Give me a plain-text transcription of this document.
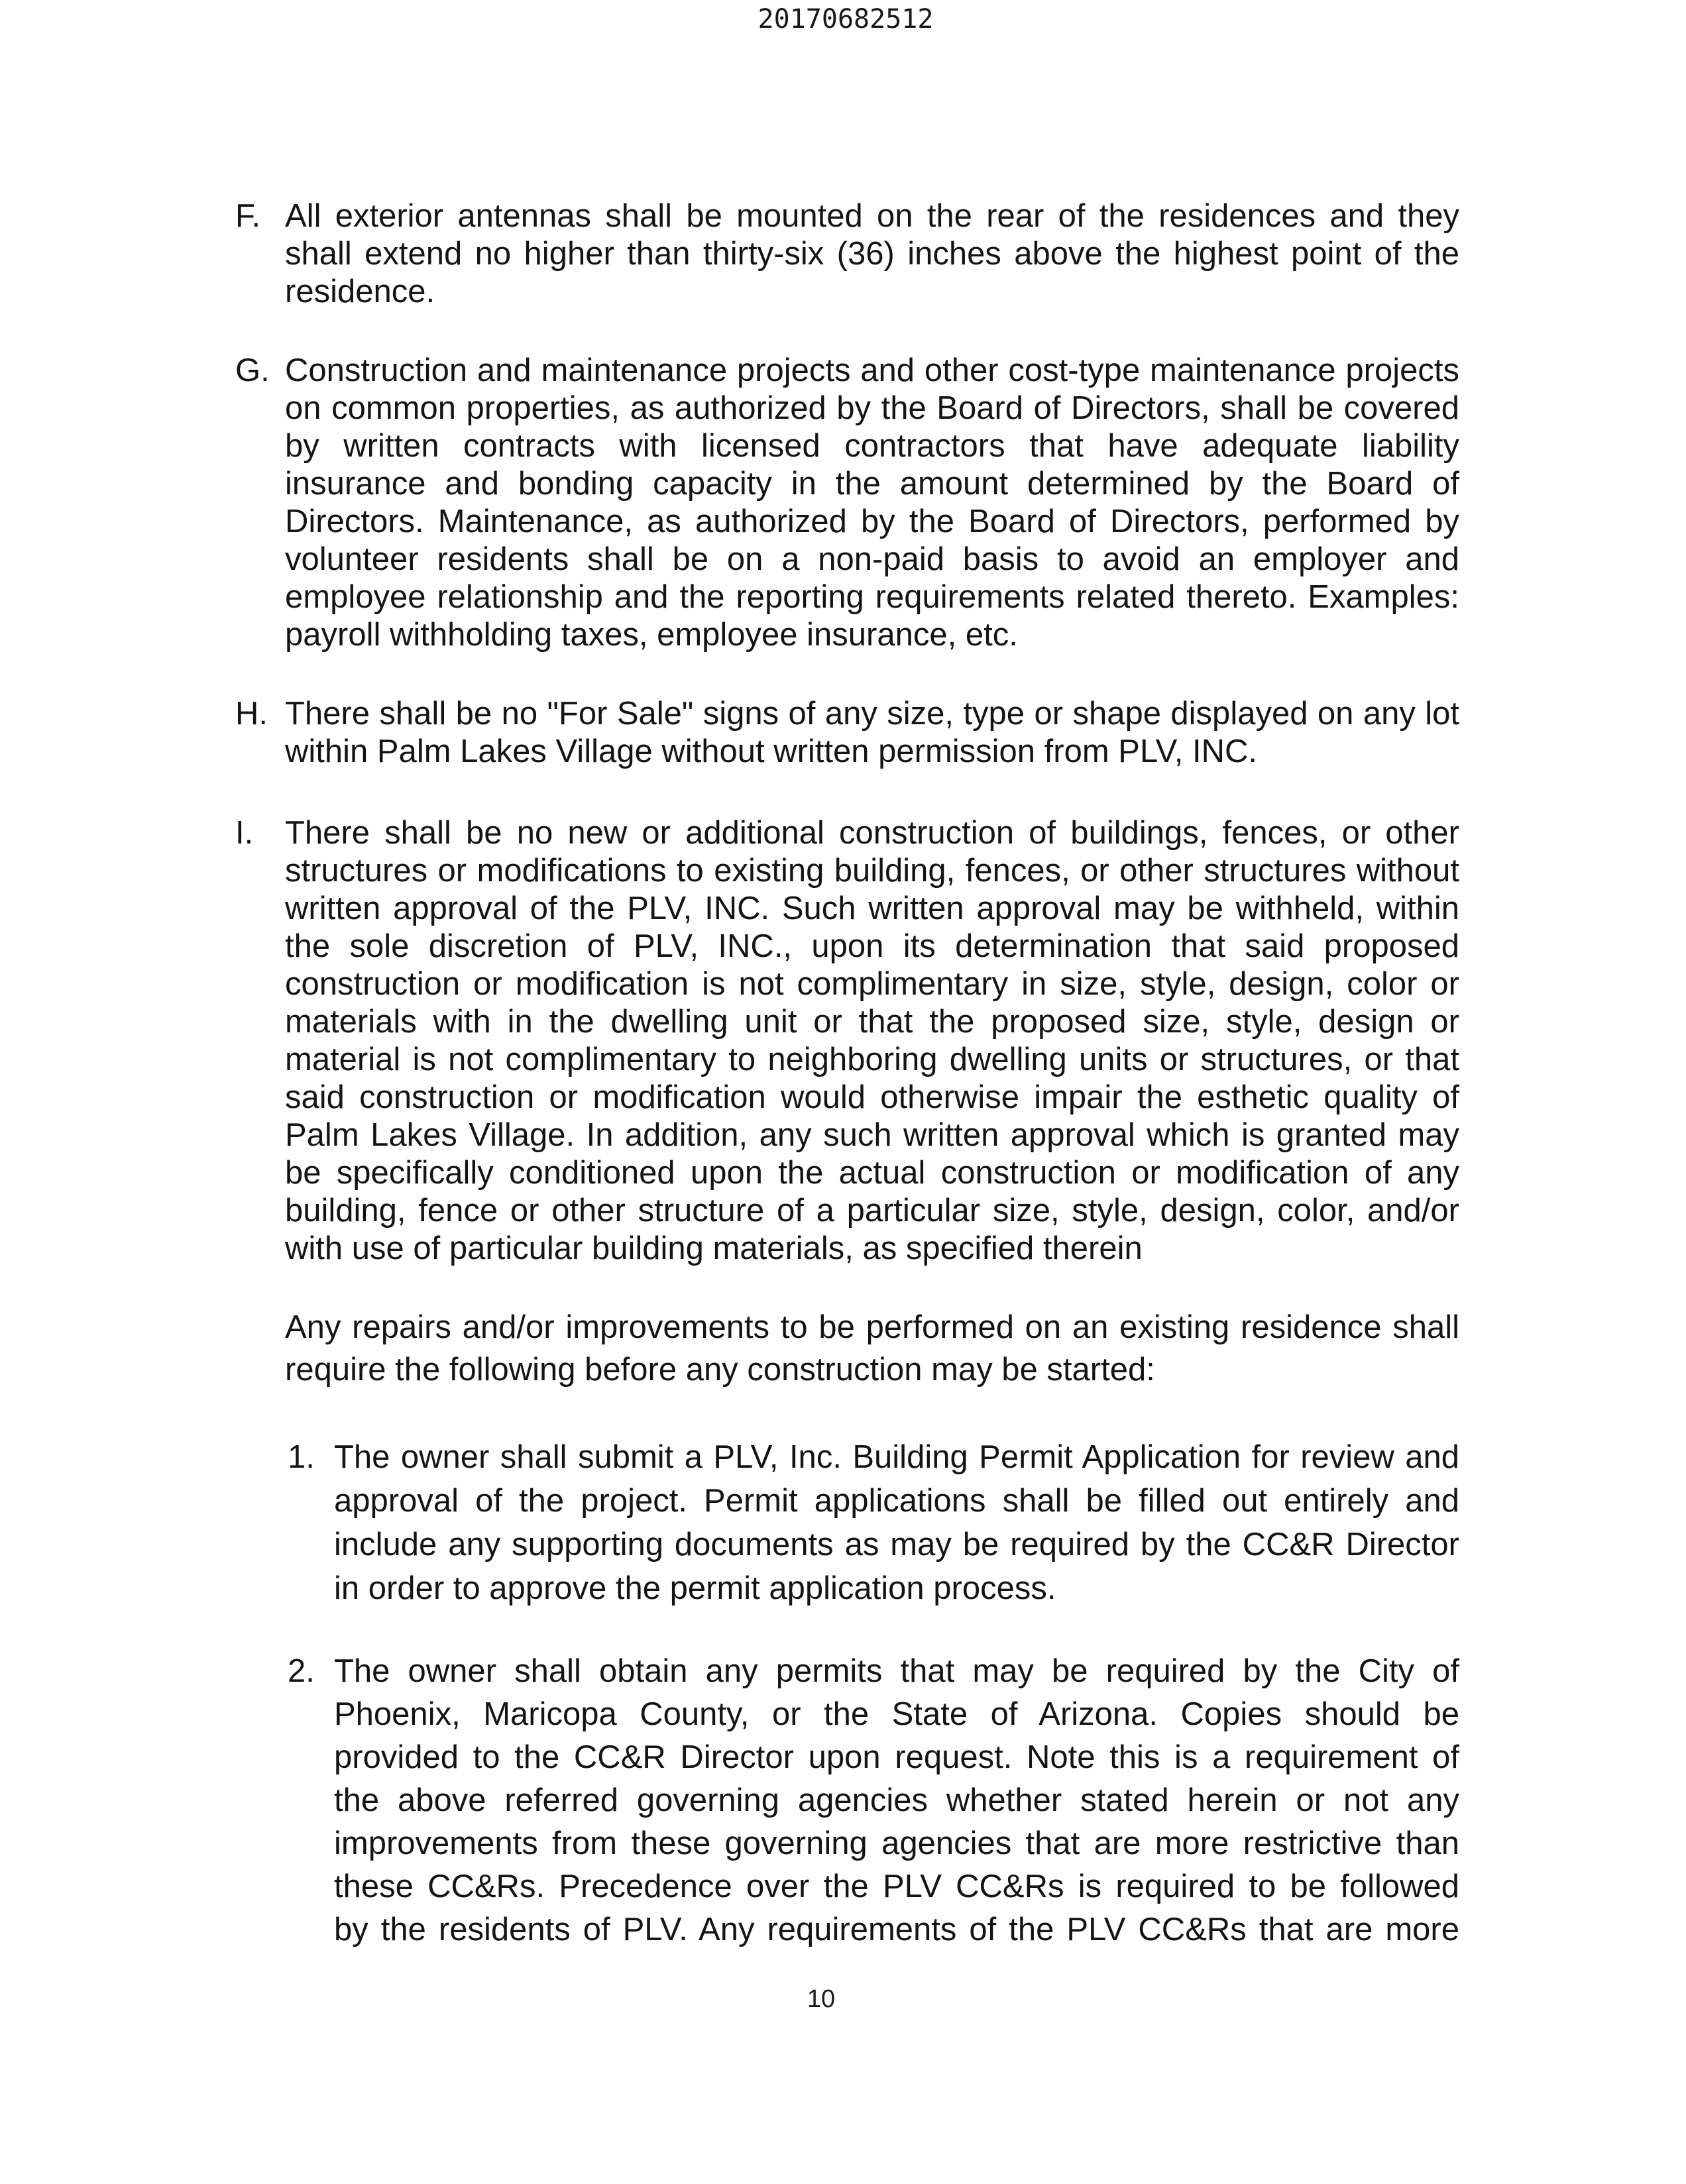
20170682512
F. All exterior antennas shall be mounted on the rear of the residences and they
shall extend no higher than thirty-six (36) inches above the highest point of the
residence.
G. Construction and maintenance projects and other cost-type maintenance projects
on common properties, as authorized by the Board of Directors, shall be covered
by written contracts with licensed contractors that have adequate liability
insurance and bonding capacity in the amount determined by the Board of
Directors. Maintenance, as authorized by the Board of Directors, performed by
volunteer residents shall be on a non-paid basis to avoid an employer and
employee relationship and the reporting requirements related thereto. Examples:
payroll withholding taxes, employee insurance, etc.
H. There shall be no "For Sale" signs of any size, type or shape displayed on any lot
within Palm Lakes Village without written permission from PLV, INC.
I. There shall be no new or additional construction of buildings, fences, or other
structures or modifications to existing building, fences, or other structures without
written approval of the PLV, INC. Such written approval may be withheld, within
the sole discretion of PLV, INC., upon its determination that said proposed
construction or modification is not complimentary in size, style, design, color or
materials with in the dwelling unit or that the proposed size, style, design or
material is not complimentary to neighboring dwelling units or structures, or that
said construction or modification would otherwise impair the esthetic quality of
Palm Lakes Village. In addition, any such written approval which is granted may
be specifically conditioned upon the actual construction or modification of any
building, fence or other structure of a particular size, style, design, color, and/or
with use of particular building materials, as specified therein
Any repairs and/or improvements to be performed on an existing residence shall
require the following before any construction may be started:
1. The owner shall submit a PLV, Inc. Building Permit Application for review and
approval of the project. Permit applications shall be filled out entirely and
include any supporting documents as may be required by the CC&R Director
in order to approve the permit application process.
2. The owner shall obtain any permits that may be required by the City of
Phoenix, Maricopa County, or the State of Arizona. Copies should be
provided to the CC&R Director upon request. Note this is a requirement of
the above referred governing agencies whether stated herein or not any
improvements from these governing agencies that are more restrictive than
these CC&Rs. Precedence over the PLV CC&Rs is required to be followed
by the residents of PLV. Any requirements of the PLV CC&Rs that are more
10
